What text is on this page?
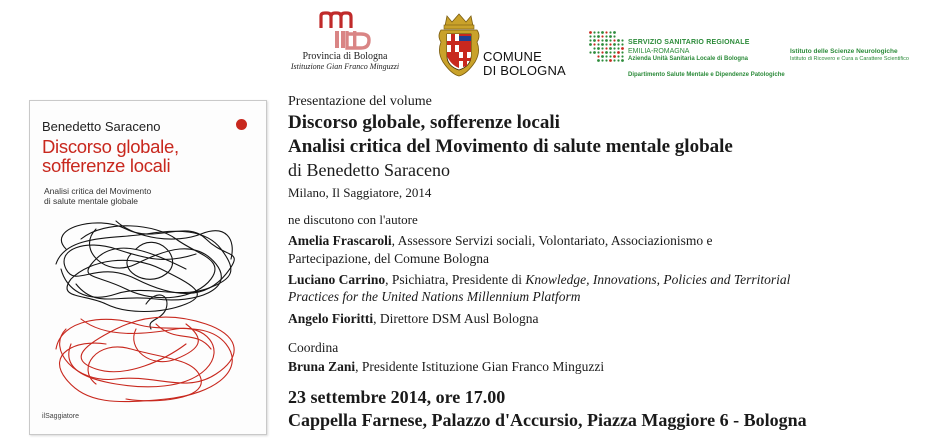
Provincia di Bologna
Istituzione Gian Franco Minguzzi
COMUNE
DI BOLOGNA
SERVIZIO SANITARIO REGIONALE
EMILIA-ROMAGNA
Azienda Unità Sanitaria Locale di Bologna
Istituto delle Scienze Neurologiche
Istituto di Ricovero e Cura a Carattere Scientifico
Dipartimento Salute Mentale e Dipendenze Patologiche
Benedetto Saraceno
Discorso globale,
sofferenze locali
Analisi critica del Movimento
di salute mentale globale
ilSaggiatore
Presentazione del volume
Discorso globale, sofferenze locali
Analisi critica del Movimento di salute mentale globale
di Benedetto Saraceno
Milano, Il Saggiatore, 2014
ne discutono con l'autore
Amelia Frascaroli, Assessore Servizi sociali, Volontariato, Associazionismo e
Partecipazione, del Comune Bologna
Luciano Carrino, Psichiatra, Presidente di Knowledge, Innovations, Policies and Territorial
Practices for the United Nations Millennium Platform
Angelo Fioritti, Direttore DSM Ausl Bologna
Coordina
Bruna Zani, Presidente Istituzione Gian Franco Minguzzi
23 settembre 2014, ore 17.00
Cappella Farnese, Palazzo d'Accursio, Piazza Maggiore 6 - Bologna
